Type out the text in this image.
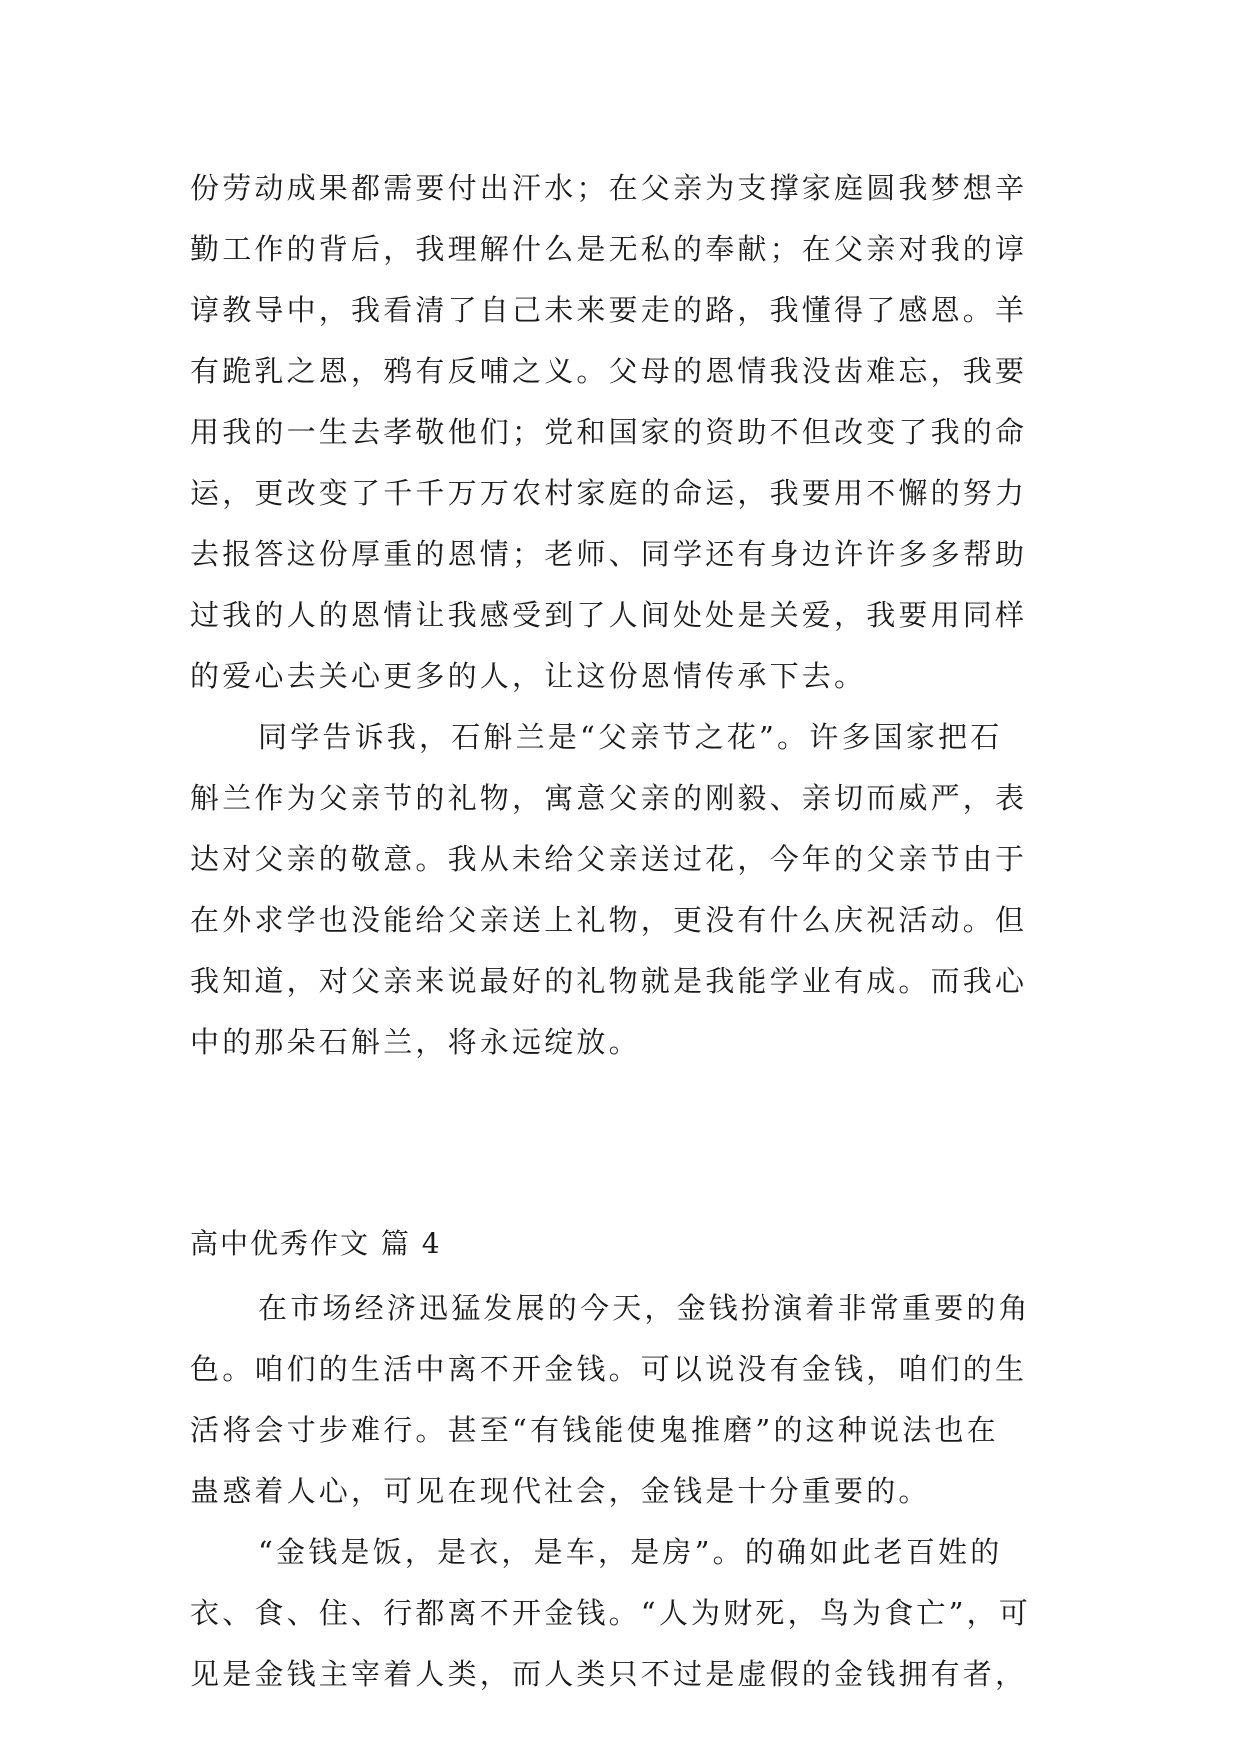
份劳动成果都需要付出汗水；在父亲为支撑家庭圆我梦想辛
勤工作的背后，我理解什么是无私的奉献；在父亲对我的谆
谆教导中，我看清了自己未来要走的路，我懂得了感恩。羊
有跪乳之恩，鸦有反哺之义。父母的恩情我没齿难忘，我要
用我的一生去孝敬他们；党和国家的资助不但改变了我的命
运，更改变了千千万万农村家庭的命运，我要用不懈的努力
去报答这份厚重的恩情；老师、同学还有身边许许多多帮助
过我的人的恩情让我感受到了人间处处是关爱，我要用同样
的爱心去关心更多的人，让这份恩情传承下去。
同学告诉我，石斛兰是“父亲节之花”。许多国家把石
斛兰作为父亲节的礼物，寓意父亲的刚毅、亲切而威严，表
达对父亲的敬意。我从未给父亲送过花，今年的父亲节由于
在外求学也没能给父亲送上礼物，更没有什么庆祝活动。但
我知道，对父亲来说最好的礼物就是我能学业有成。而我心
中的那朵石斛兰，将永远绽放。
高中优秀作文 篇 4
在市场经济迅猛发展的今天，金钱扮演着非常重要的角
色。咱们的生活中离不开金钱。可以说没有金钱，咱们的生
活将会寸步难行。甚至“有钱能使鬼推磨”的这种说法也在
蛊惑着人心，可见在现代社会，金钱是十分重要的。
“金钱是饭，是衣，是车，是房”。的确如此老百姓的
衣、食、住、行都离不开金钱。“人为财死，鸟为食亡”，可
见是金钱主宰着人类，而人类只不过是虚假的金钱拥有者，
